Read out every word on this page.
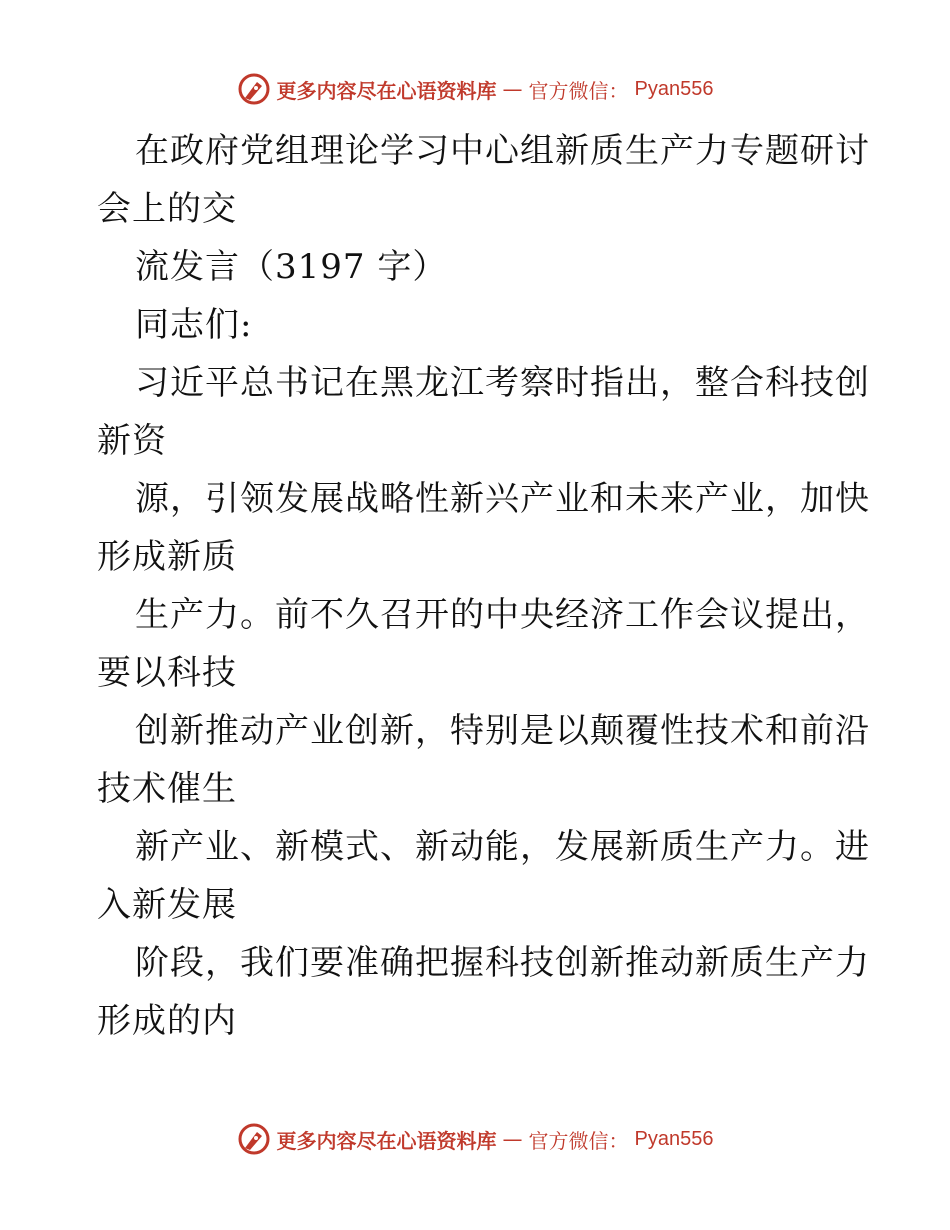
更多内容尽在心语资料库 — 官方微信： Pyan556
在政府党组理论学习中心组新质生产力专题研讨
会上的交
流发言（3197 字）
同志们:
习近平总书记在黑龙江考察时指出，整合科技创
新资
源，引领发展战略性新兴产业和未来产业，加快
形成新质
生产力。前不久召开的中央经济工作会议提出，
要以科技
创新推动产业创新，特别是以颠覆性技术和前沿
技术催生
新产业、新模式、新动能，发展新质生产力。进
入新发展
阶段，我们要准确把握科技创新推动新质生产力
形成的内
更多内容尽在心语资料库 — 官方微信： Pyan556
